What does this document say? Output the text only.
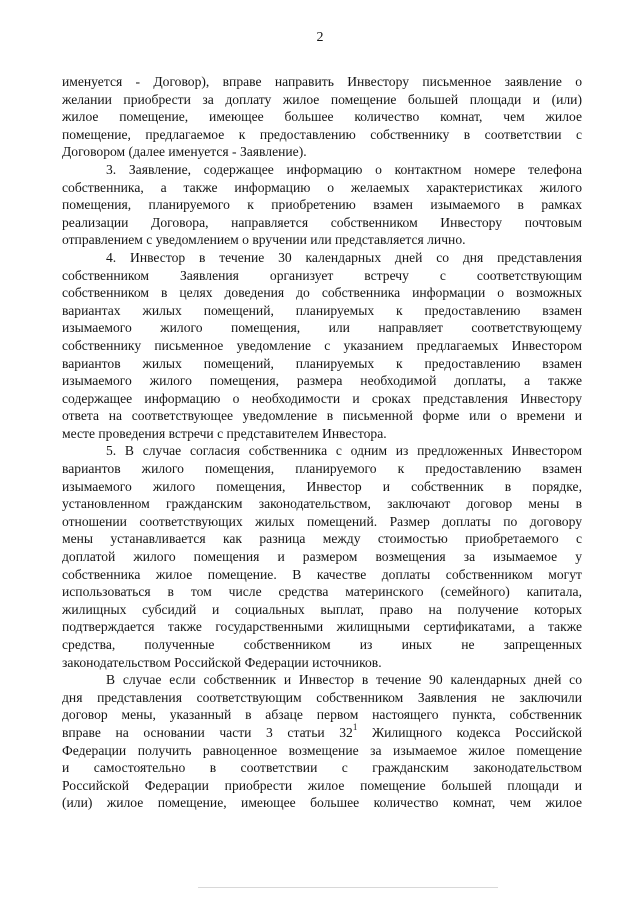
2
именуется - Договор), вправе направить Инвестору письменное заявление о
желании приобрести за доплату жилое помещение большей площади и (или)
жилое помещение, имеющее большее количество комнат, чем жилое
помещение, предлагаемое к предоставлению собственнику в соответствии с
Договором (далее именуется - Заявление).
3. Заявление, содержащее информацию о контактном номере телефона
собственника, а также информацию о желаемых характеристиках жилого
помещения, планируемого к приобретению взамен изымаемого в рамках
реализации Договора, направляется собственником Инвестору почтовым
отправлением с уведомлением о вручении или представляется лично.
4. Инвестор в течение 30 календарных дней со дня представления
собственником Заявления организует встречу с соответствующим
собственником в целях доведения до собственника информации о возможных
вариантах жилых помещений, планируемых к предоставлению взамен
изымаемого жилого помещения, или направляет соответствующему
собственнику письменное уведомление с указанием предлагаемых Инвестором
вариантов жилых помещений, планируемых к предоставлению взамен
изымаемого жилого помещения, размера необходимой доплаты, а также
содержащее информацию о необходимости и сроках представления Инвестору
ответа на соответствующее уведомление в письменной форме или о времени и
месте проведения встречи с представителем Инвестора.
5. В случае согласия собственника с одним из предложенных Инвестором
вариантов жилого помещения, планируемого к предоставлению взамен
изымаемого жилого помещения, Инвестор и собственник в порядке,
установленном гражданским законодательством, заключают договор мены в
отношении соответствующих жилых помещений. Размер доплаты по договору
мены устанавливается как разница между стоимостью приобретаемого с
доплатой жилого помещения и размером возмещения за изымаемое у
собственника жилое помещение. В качестве доплаты собственником могут
использоваться в том числе средства материнского (семейного) капитала,
жилищных субсидий и социальных выплат, право на получение которых
подтверждается также государственными жилищными сертификатами, а также
средства, полученные собственником из иных не запрещенных
законодательством Российской Федерации источников.
В случае если собственник и Инвестор в течение 90 календарных дней со
дня представления соответствующим собственником Заявления не заключили
договор мены, указанный в абзаце первом настоящего пункта, собственник
вправе на основании части 3 статьи 32$^1$ Жилищного кодекса Российской
Федерации получить равноценное возмещение за изымаемое жилое помещение
и самостоятельно в соответствии с гражданским законодательством
Российской Федерации приобрести жилое помещение большей площади и
(или) жилое помещение, имеющее большее количество комнат, чем жилое
